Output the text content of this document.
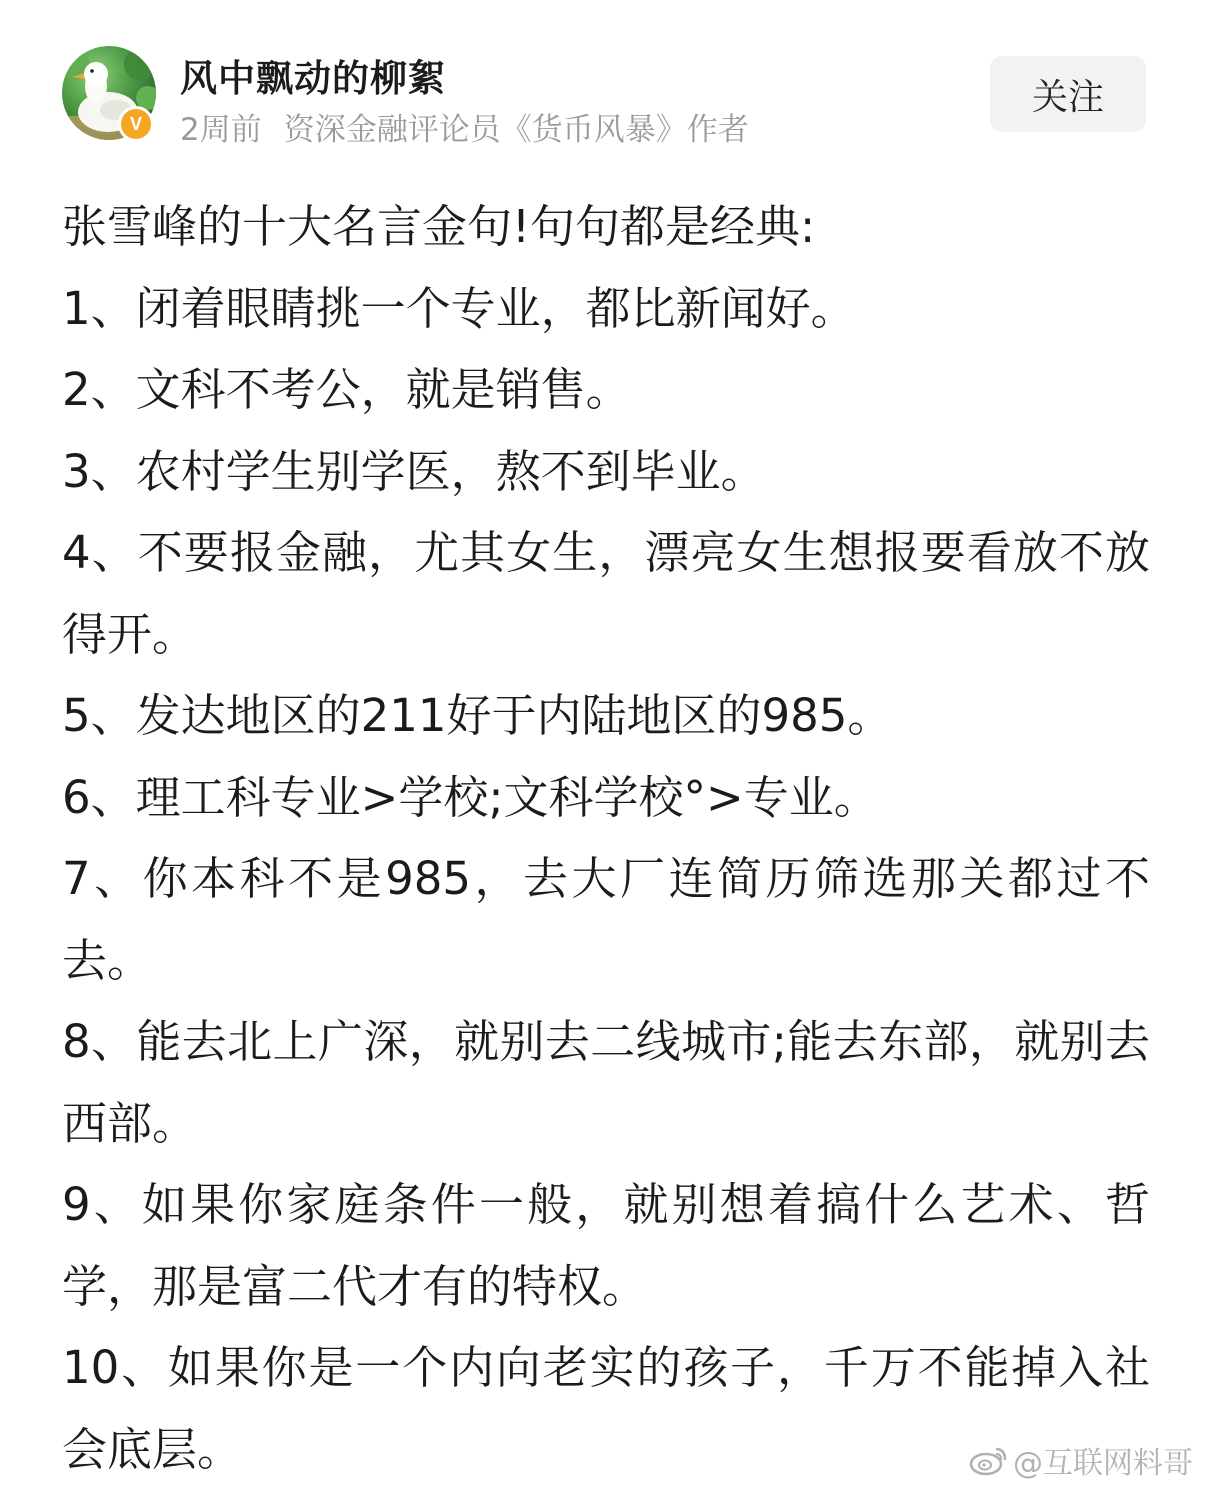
V
风中飘动的柳絮
2周前 资深金融评论员《货币风暴》作者
关注

张雪峰的十大名言金句!句句都是经典:

1、闭着眼睛挑一个专业，都比新闻好。

2、文科不考公，就是销售。

3、农村学生别学医，熬不到毕业。

4、不要报金融，尤其女生，漂亮女生想报要看放不放得开。

5、发达地区的211好于内陆地区的985。

6、理工科专业>学校;文科学校°>专业。

7、你本科不是985，去大厂连简历筛选那关都过不去。

8、能去北上广深，就别去二线城市;能去东部，就别去西部。

9、如果你家庭条件一般，就别想着搞什么艺术、哲学，那是富二代才有的特权。

10、如果你是一个内向老实的孩子，千万不能掉入社会底层。	@互联网料哥
